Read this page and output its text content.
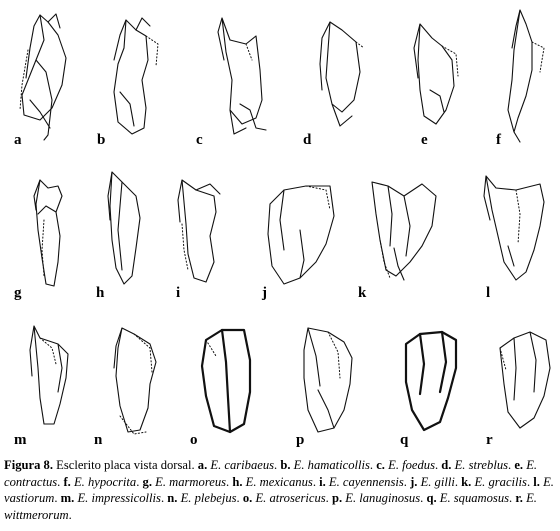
a	b	c	d	e	f
g	h	i	j	k	l
m	n	o	p	q	r
Figura 8. Esclerito placa vista dorsal. a. E. caribaeus. b. E. hamaticollis. c. E. foedus. d. E. streblus. e. E. contractus. f. E. hypocrita. g. E. marmoreus. h. E. mexicanus. i. E. cayennensis. j. E. gilli. k. E. gracilis. l. E. vastiorum. m. E. impressicollis. n. E. plebejus. o. E. atrosericus. p. E. lanuginosus. q. E. squamosus. r. E. wittmerorum.
